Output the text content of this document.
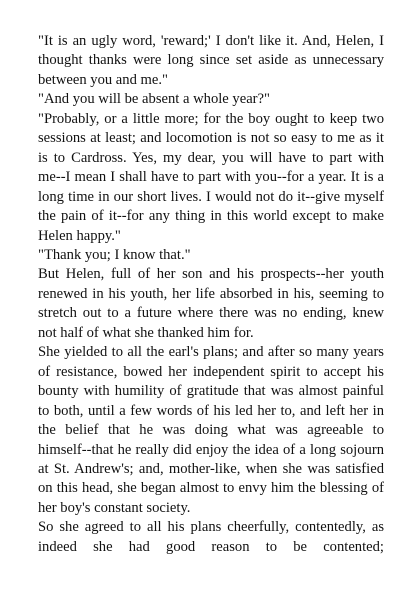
"It is an ugly word, 'reward;' I don't like it. And, Helen, I thought thanks were long since set aside as unnecessary between you and me."

"And you will be absent a whole year?"

"Probably, or a little more; for the boy ought to keep two sessions at least; and locomotion is not so easy to me as it is to Cardross. Yes, my dear, you will have to part with me--I mean I shall have to part with you--for a year. It is a long time in our short lives. I would not do it--give myself the pain of it--for any thing in this world except to make Helen happy."

"Thank you; I know that."

But Helen, full of her son and his prospects--her youth renewed in his youth, her life absorbed in his, seeming to stretch out to a future where there was no ending, knew not half of what she thanked him for.

She yielded to all the earl's plans; and after so many years of resistance, bowed her independent spirit to accept his bounty with humility of gratitude that was almost painful to both, until a few words of his led her to, and left her in the belief that he was doing what was agreeable to himself--that he really did enjoy the idea of a long sojourn at St. Andrew's; and, mother-like, when she was satisfied on this head, she began almost to envy him the blessing of her boy's constant society.

So she agreed to all his plans cheerfully, contentedly, as indeed she had good reason to be contented;
